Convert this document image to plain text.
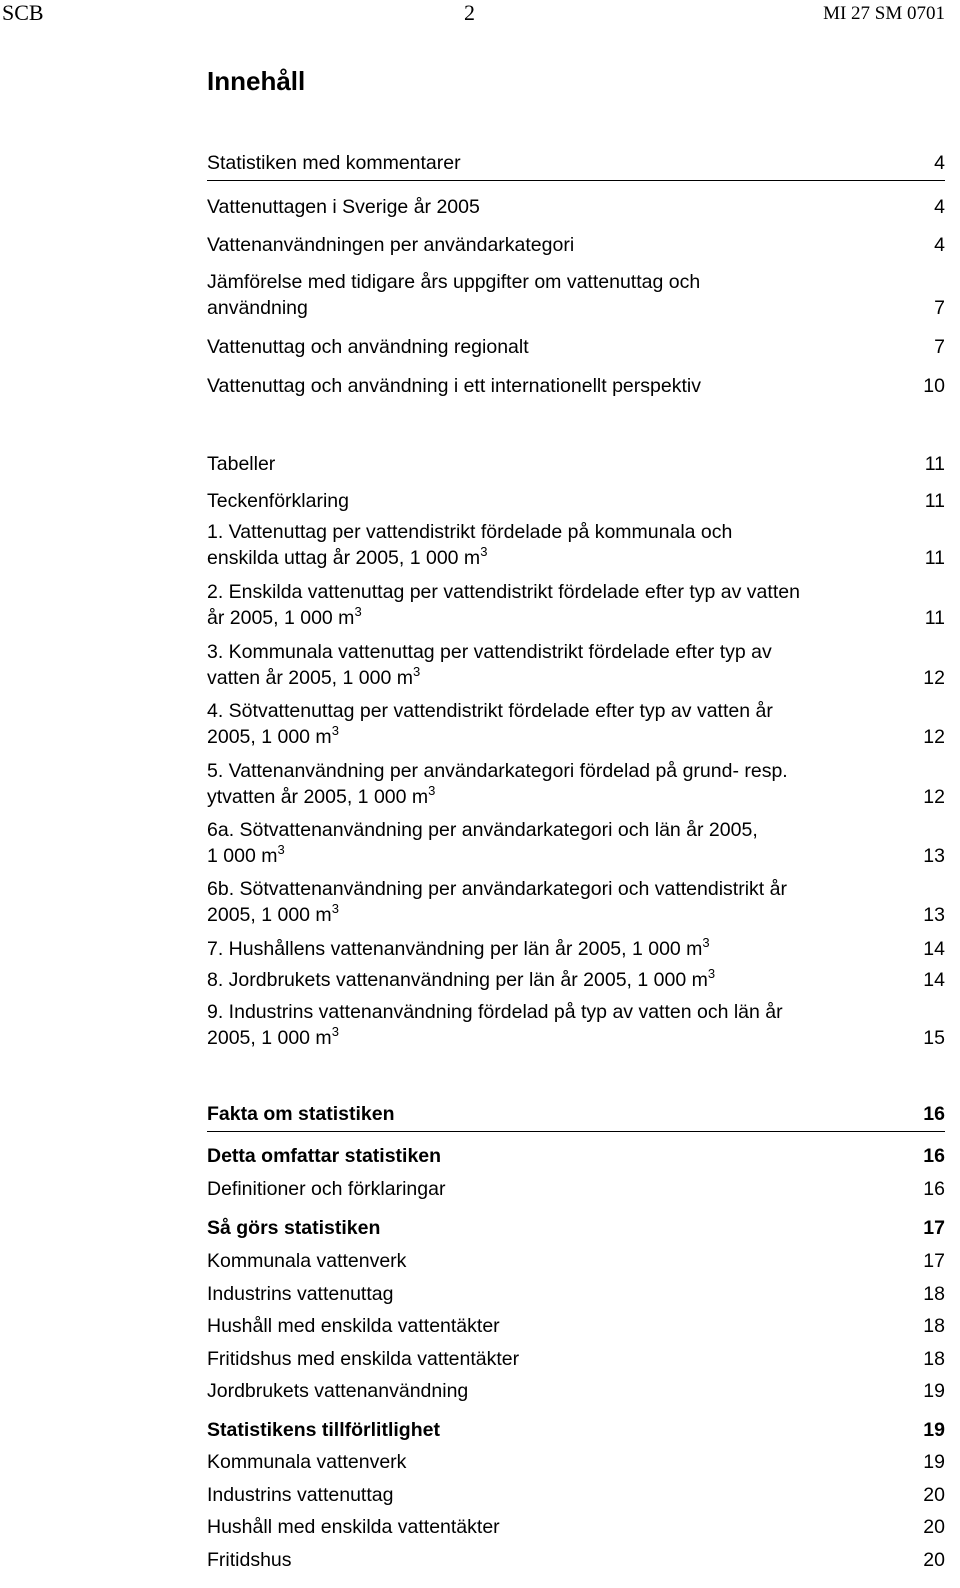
SCB	2	MI 27 SM 0701
Innehåll
Statistiken med kommentarer	4
Vattenuttagen i Sverige år 2005	4
Vattenanvändningen per användarkategori	4
Jämförelse med tidigare års uppgifter om vattenuttag och
användning	7
Vattenuttag och användning regionalt	7
Vattenuttag och användning i ett internationellt perspektiv	10
Tabeller	11
Teckenförklaring	11
1. Vattenuttag per vattendistrikt fördelade på kommunala och
enskilda uttag år 2005, 1 000 $m^3$	11
2. Enskilda vattenuttag per vattendistrikt fördelade efter typ av vatten
år 2005, 1 000 $m^3$	11
3. Kommunala vattenuttag per vattendistrikt fördelade efter typ av
vatten år 2005, 1 000 $m^3$	12
4. Sötvattenuttag per vattendistrikt fördelade efter typ av vatten år
2005, 1 000 $m^3$	12
5. Vattenanvändning per användarkategori fördelad på grund- resp.
ytvatten år 2005, 1 000 $m^3$	12
6a. Sötvattenanvändning per användarkategori och län år 2005,
1 000 $m^3$	13
6b. Sötvattenanvändning per användarkategori och vattendistrikt år
2005, 1 000 $m^3$	13
7. Hushållens vattenanvändning per län år 2005, 1 000 $m^3$	14
8. Jordbrukets vattenanvändning per län år 2005, 1 000 $m^3$	14
9. Industrins vattenanvändning fördelad på typ av vatten och län år
2005, 1 000 $m^3$	15
Fakta om statistiken	16
Detta omfattar statistiken	16
Definitioner och förklaringar	16
Så görs statistiken	17
Kommunala vattenverk	17
Industrins vattenuttag	18
Hushåll med enskilda vattentäkter	18
Fritidshus med enskilda vattentäkter	18
Jordbrukets vattenanvändning	19
Statistikens tillförlitlighet	19
Kommunala vattenverk	19
Industrins vattenuttag	20
Hushåll med enskilda vattentäkter	20
Fritidshus	20
